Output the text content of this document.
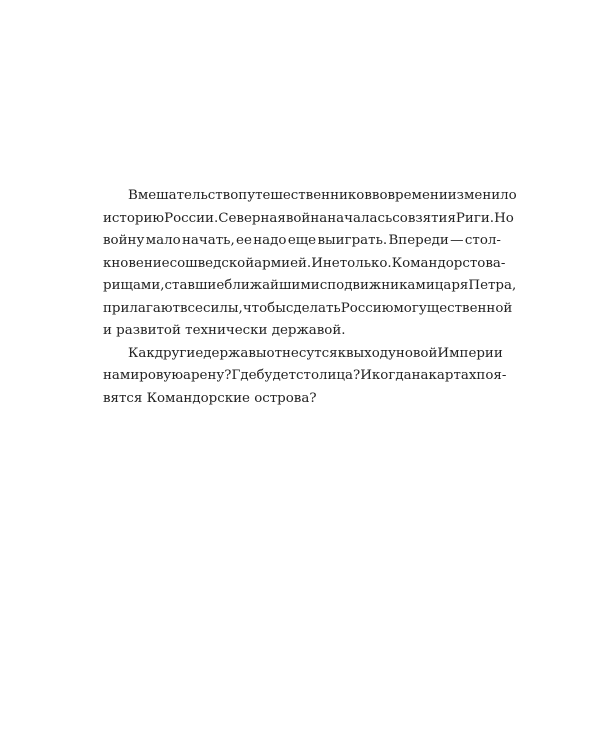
Вмешательство путешественников во времени изменило
историю России. Северная война началась со взятия Риги. Но
войну мало начать, ее надо еще выиграть. Впереди — стол-
кновение со шведской армией. И не только. Командор с това-
рищами, ставшие ближайшими сподвижниками царя Петра,
прилагают все силы, чтобы сделать Россию могущественной
и развитой технически державой.
Как другие державы отнесутся к выходу новой Империи
на мировую арену? Где будет столица? И когда на картах поя-
вятся Командорские острова?
